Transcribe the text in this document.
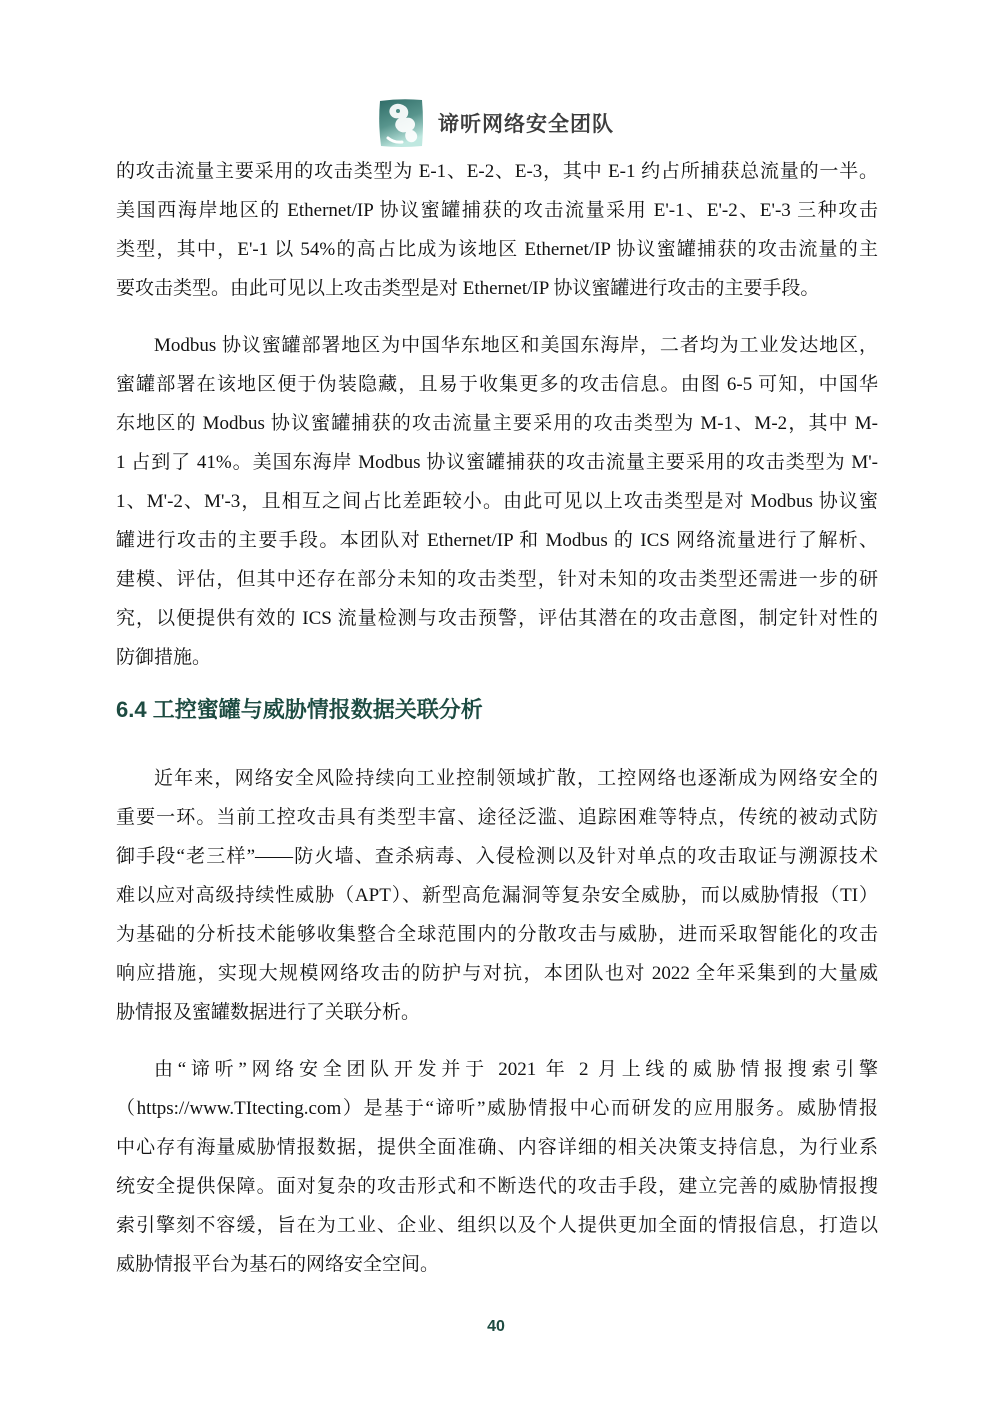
谛听网络安全团队
的攻击流量主要采用的攻击类型为 E-1、E-2、E-3，其中 E-1 约占所捕获总流量的一半。
美国西海岸地区的 Ethernet/IP 协议蜜罐捕获的攻击流量采用 E'-1、E'-2、E'-3 三种攻击
类型，其中，E'-1 以 54%的高占比成为该地区 Ethernet/IP 协议蜜罐捕获的攻击流量的主
要攻击类型。由此可见以上攻击类型是对 Ethernet/IP 协议蜜罐进行攻击的主要手段。
Modbus 协议蜜罐部署地区为中国华东地区和美国东海岸，二者均为工业发达地区，
蜜罐部署在该地区便于伪装隐藏，且易于收集更多的攻击信息。由图 6-5 可知，中国华
东地区的 Modbus 协议蜜罐捕获的攻击流量主要采用的攻击类型为 M-1、M-2，其中 M-
1 占到了 41%。美国东海岸 Modbus 协议蜜罐捕获的攻击流量主要采用的攻击类型为 M'-
1、M'-2、M'-3，且相互之间占比差距较小。由此可见以上攻击类型是对 Modbus 协议蜜
罐进行攻击的主要手段。本团队对 Ethernet/IP 和 Modbus 的 ICS 网络流量进行了解析、
建模、评估，但其中还存在部分未知的攻击类型，针对未知的攻击类型还需进一步的研
究，以便提供有效的 ICS 流量检测与攻击预警，评估其潜在的攻击意图，制定针对性的
防御措施。
6.4 工控蜜罐与威胁情报数据关联分析
近年来，网络安全风险持续向工业控制领域扩散，工控网络也逐渐成为网络安全的
重要一环。当前工控攻击具有类型丰富、途径泛滥、追踪困难等特点，传统的被动式防
御手段“老三样”——防火墙、查杀病毒、入侵检测以及针对单点的攻击取证与溯源技术
难以应对高级持续性威胁（APT）、新型高危漏洞等复杂安全威胁，而以威胁情报（TI）
为基础的分析技术能够收集整合全球范围内的分散攻击与威胁，进而采取智能化的攻击
响应措施，实现大规模网络攻击的防护与对抗，本团队也对 2022 全年采集到的大量威
胁情报及蜜罐数据进行了关联分析。
由“谛听”网络安全团队开发并于 2021 年 2 月上线的威胁情报搜索引擎
（https://www.TItecting.com）是基于“谛听”威胁情报中心而研发的应用服务。威胁情报
中心存有海量威胁情报数据，提供全面准确、内容详细的相关决策支持信息，为行业系
统安全提供保障。面对复杂的攻击形式和不断迭代的攻击手段，建立完善的威胁情报搜
索引擎刻不容缓，旨在为工业、企业、组织以及个人提供更加全面的情报信息，打造以
威胁情报平台为基石的网络安全空间。
40
